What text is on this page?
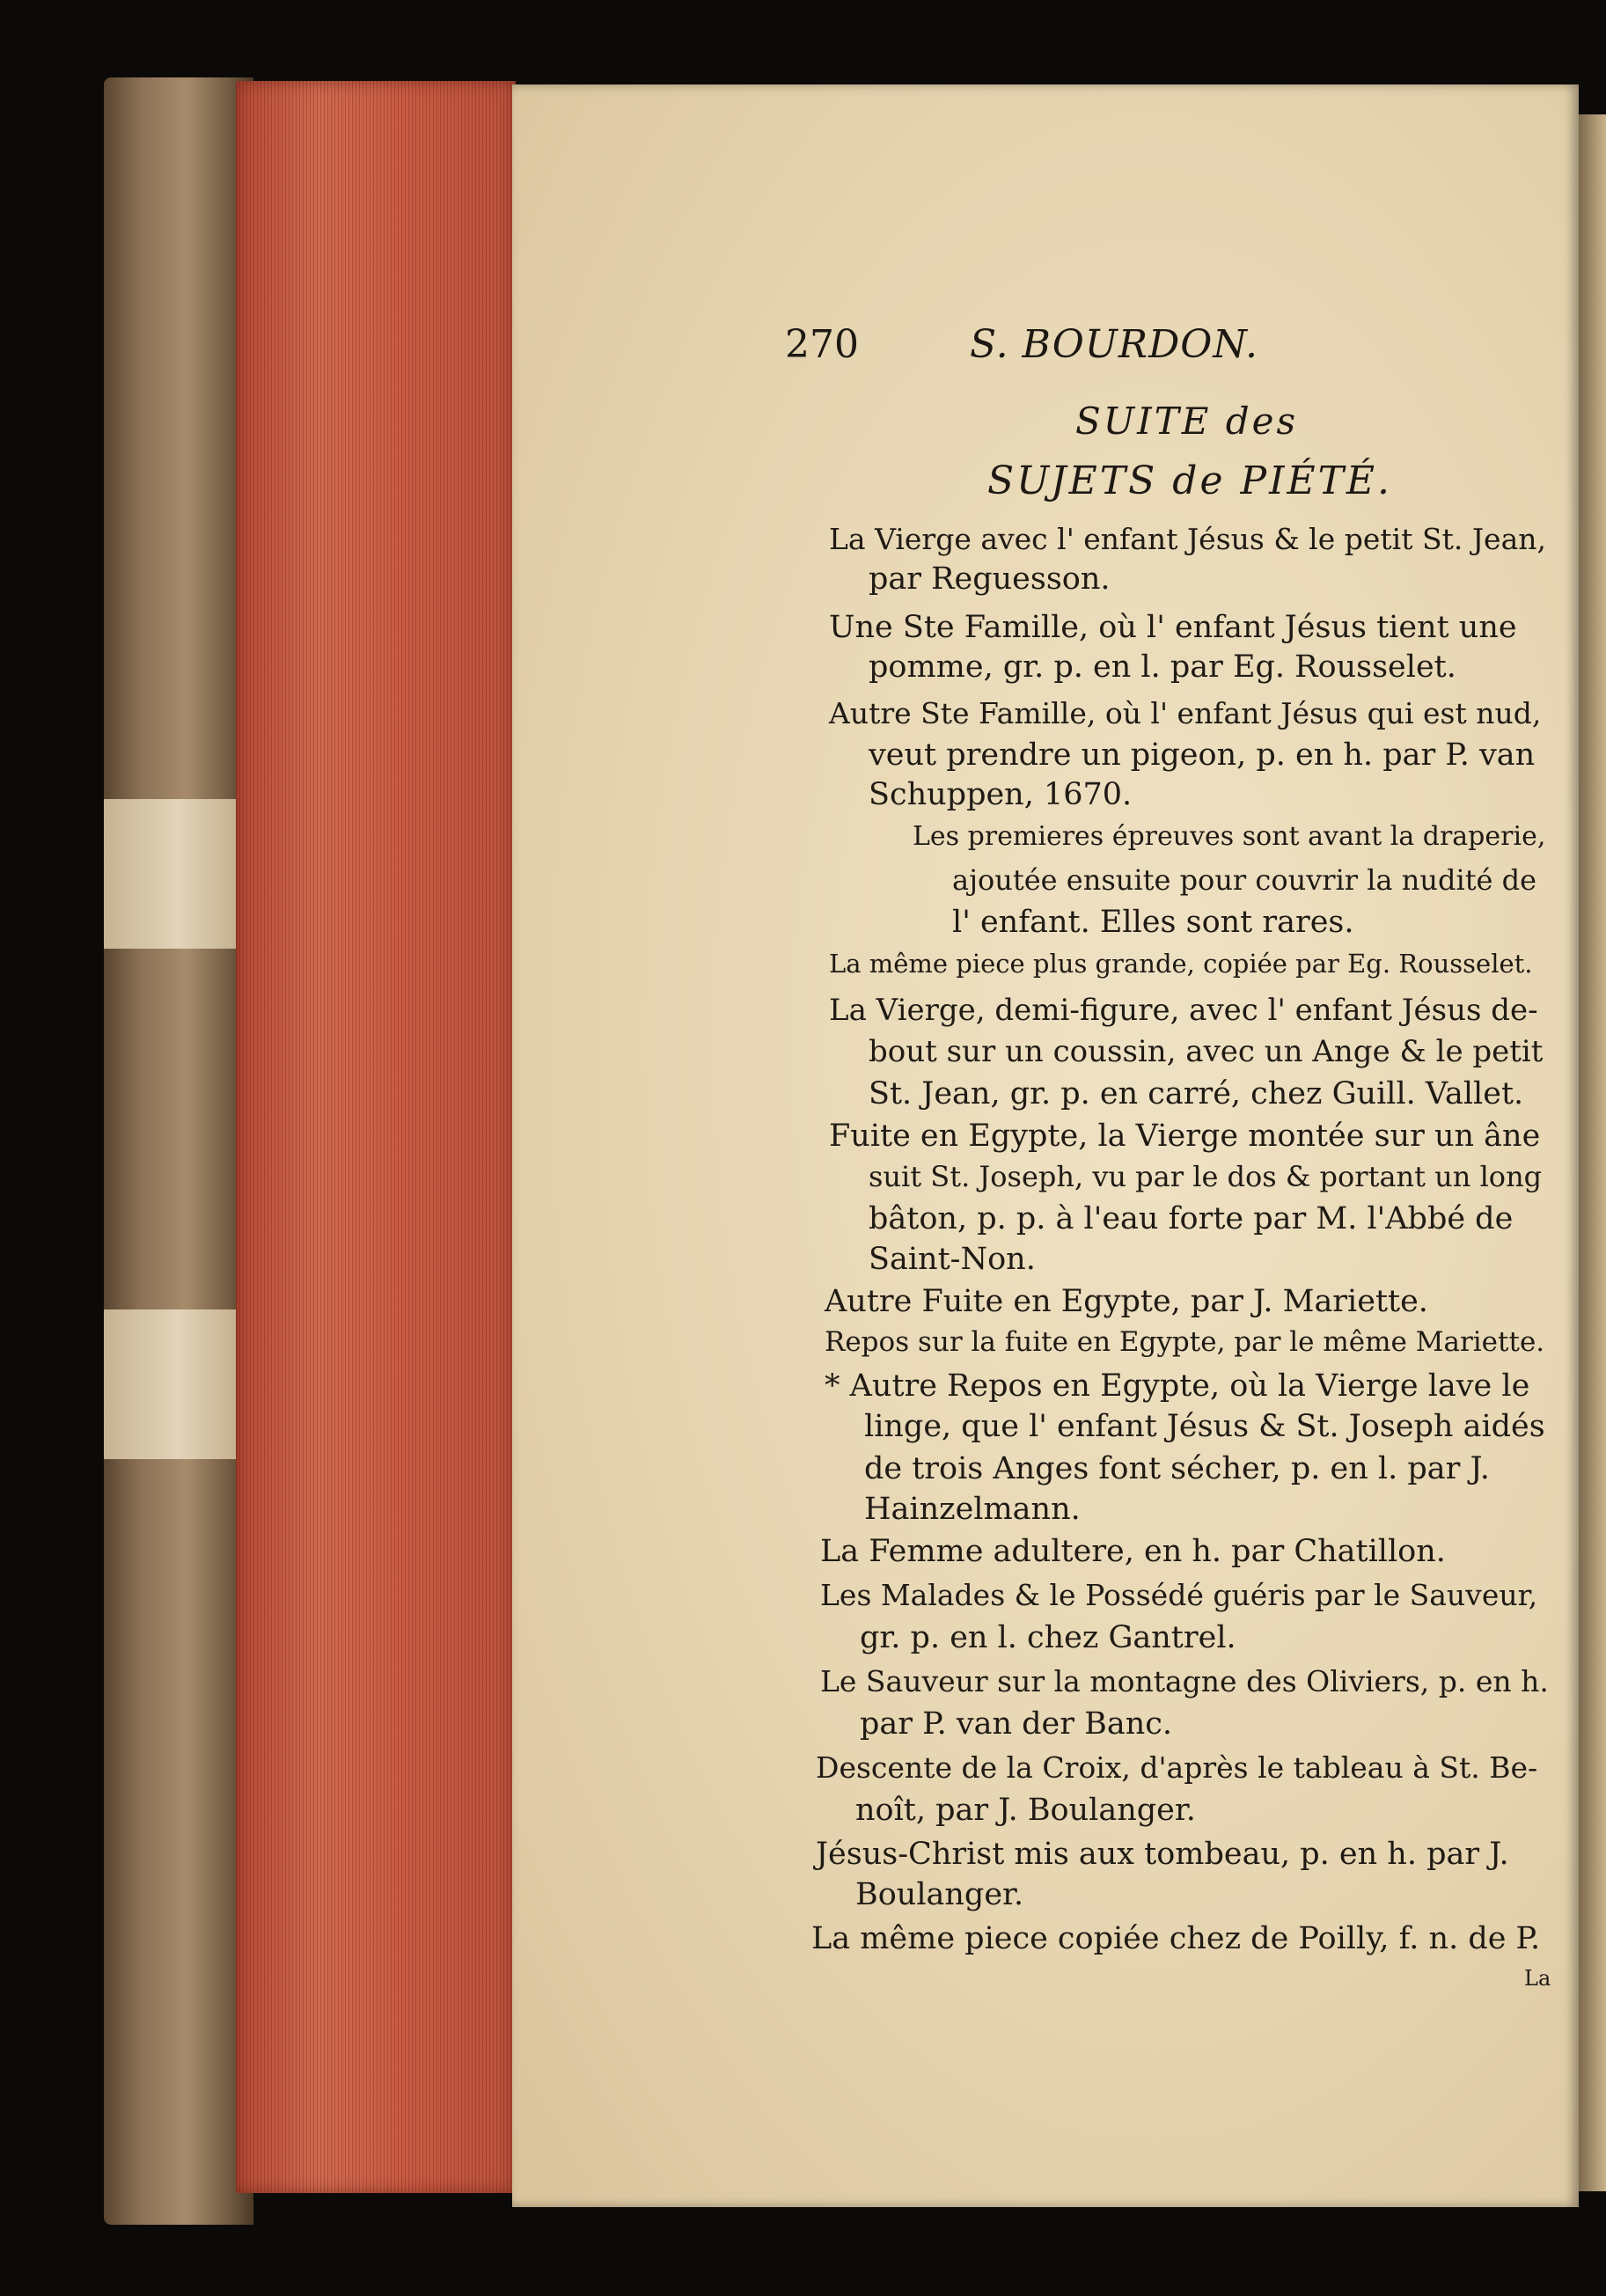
270	S. BOURDON.
SUITE des
SUJETS de PIÉTÉ.
La Vierge avec l' enfant Jésus & le petit St. Jean,
par Reguesson.
Une Ste Famille, où l' enfant Jésus tient une
pomme, gr. p. en l. par Eg. Rousselet.
Autre Ste Famille, où l' enfant Jésus qui est nud,
veut prendre un pigeon, p. en h. par P. van
Schuppen, 1670.
Les premieres épreuves sont avant la draperie,
ajoutée ensuite pour couvrir la nudité de
l' enfant. Elles sont rares.
La même piece plus grande, copiée par Eg. Rousselet.
La Vierge, demi-figure, avec l' enfant Jésus de-
bout sur un coussin, avec un Ange & le petit
St. Jean, gr. p. en carré, chez Guill. Vallet.
Fuite en Egypte, la Vierge montée sur un âne
suit St. Joseph, vu par le dos & portant un long
bâton, p. p. à l'eau forte par M. l'Abbé de
Saint-Non.
Autre Fuite en Egypte, par J. Mariette.
Repos sur la fuite en Egypte, par le même Mariette.
* Autre Repos en Egypte, où la Vierge lave le
linge, que l' enfant Jésus & St. Joseph aidés
de trois Anges font sécher, p. en l. par J.
Hainzelmann.
La Femme adultere, en h. par Chatillon.
Les Malades & le Possédé guéris par le Sauveur,
gr. p. en l. chez Gantrel.
Le Sauveur sur la montagne des Oliviers, p. en h.
par P. van der Banc.
Descente de la Croix, d'après le tableau à St. Be-
noît, par J. Boulanger.
Jésus-Christ mis aux tombeau, p. en h. par J.
Boulanger.
La même piece copiée chez de Poilly, f. n. de P.
La
